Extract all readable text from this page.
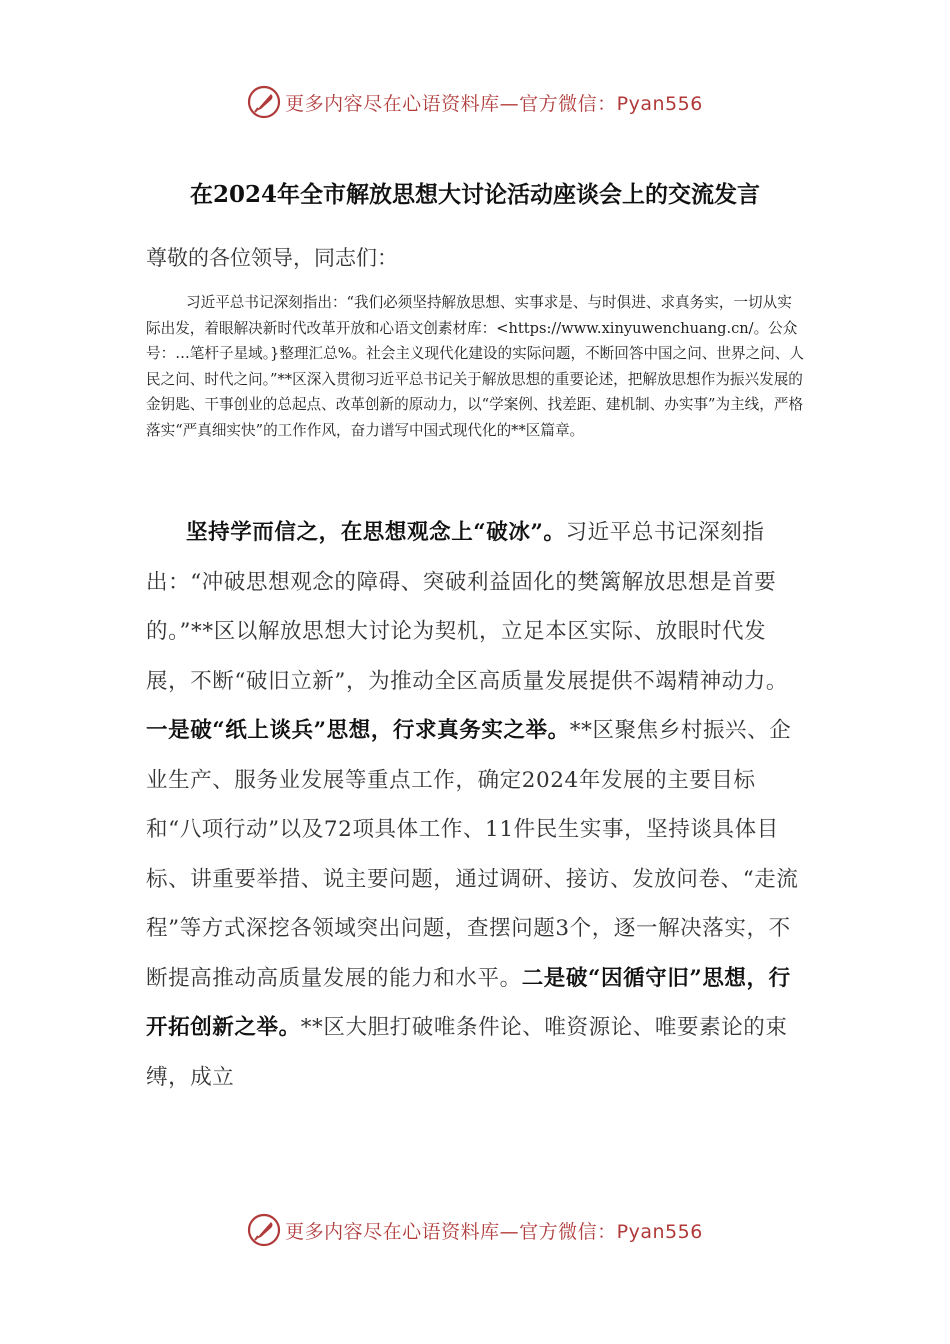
更多内容尽在心语资料库—官方微信：Pyan556
在2024年全市解放思想大讨论活动座谈会上的交流发言

尊敬的各位领导，同志们：

习近平总书记深刻指出：“我们必须坚持解放思想、实事求是、与时俱进、求真务实，一切从实际出发，着眼解决新时代改革开放和心语文创素材库：<https://www.xinyuwenchuang.cn/。公众号：…笔杆子星域。}整理汇总%。社会主义现代化建设的实际问题，不断回答中国之问、世界之问、人民之问、时代之问。”**区深入贯彻习近平总书记关于解放思想的重要论述，把解放思想作为振兴发展的金钥匙、干事创业的总起点、改革创新的原动力，以“学案例、找差距、建机制、办实事”为主线，严格落实“严真细实快”的工作作风，奋力谱写中国式现代化的**区篇章。

坚持学而信之，在思想观念上“破冰”。习近平总书记深刻指出：“冲破思想观念的障碍、突破利益固化的樊篱解放思想是首要的。”**区以解放思想大讨论为契机，立足本区实际、放眼时代发展，不断“破旧立新”，为推动全区高质量发展提供不竭精神动力。一是破“纸上谈兵”思想，行求真务实之举。**区聚焦乡村振兴、企业生产、服务业发展等重点工作，确定2024年发展的主要目标和“八项行动”以及72项具体工作、11件民生实事，坚持谈具体目标、讲重要举措、说主要问题，通过调研、接访、发放问卷、“走流程”等方式深挖各领域突出问题，查摆问题3个，逐一解决落实，不断提高推动高质量发展的能力和水平。二是破“因循守旧”思想，行开拓创新之举。**区大胆打破唯条件论、唯资源论、唯要素论的束缚，成立

更多内容尽在心语资料库—官方微信：Pyan556
